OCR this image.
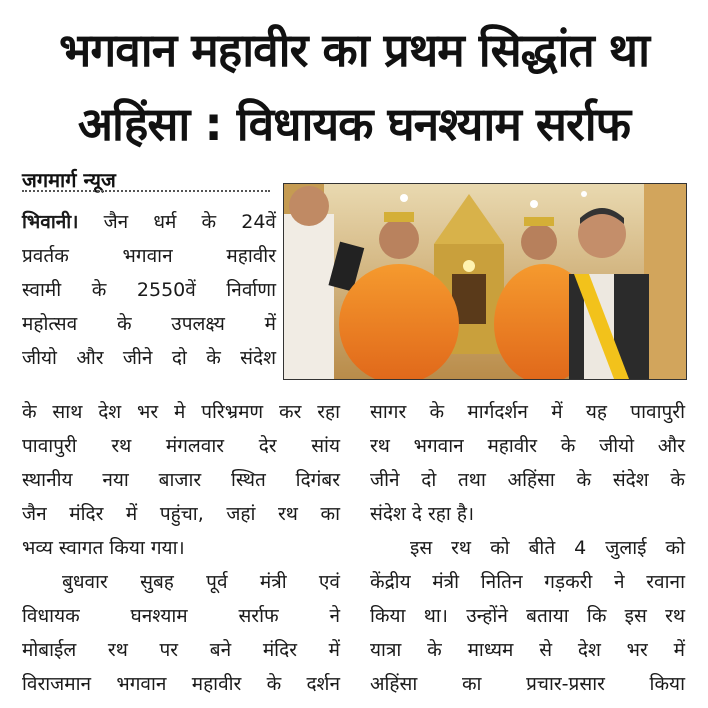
भगवान महावीर का प्रथम सिद्धांत था
अहिंसा : विधायक घनश्याम सर्राफ
जगमार्ग न्यूज
भिवानी। जैन धर्म के 24वें
प्रवर्तक भगवान महावीर
स्वामी के 2550वें निर्वाणा
महोत्सव के उपलक्ष्य में
जीयो और जीने दो के संदेश
के साथ देश भर मे परिभ्रमण कर रहा
पावापुरी रथ मंगलवार देर सांय
स्थानीय नया बाजार स्थित दिगंबर
जैन मंदिर में पहुंचा, जहां रथ का
भव्य स्वागत किया गया।
बुधवार सुबह पूर्व मंत्री एवं
विधायक घनश्याम सर्राफ ने
मोबाईल रथ पर बने मंदिर में
विराजमान भगवान महावीर के दर्शन
सागर के मार्गदर्शन में यह पावापुरी
रथ भगवान महावीर के जीयो और
जीने दो तथा अहिंसा के संदेश के
संदेश दे रहा है।
इस रथ को बीते 4 जुलाई को
केंद्रीय मंत्री नितिन गड़करी ने रवाना
किया था। उन्होंने बताया कि इस रथ
यात्रा के माध्यम से देश भर में
अहिंसा का प्रचार-प्रसार किया
